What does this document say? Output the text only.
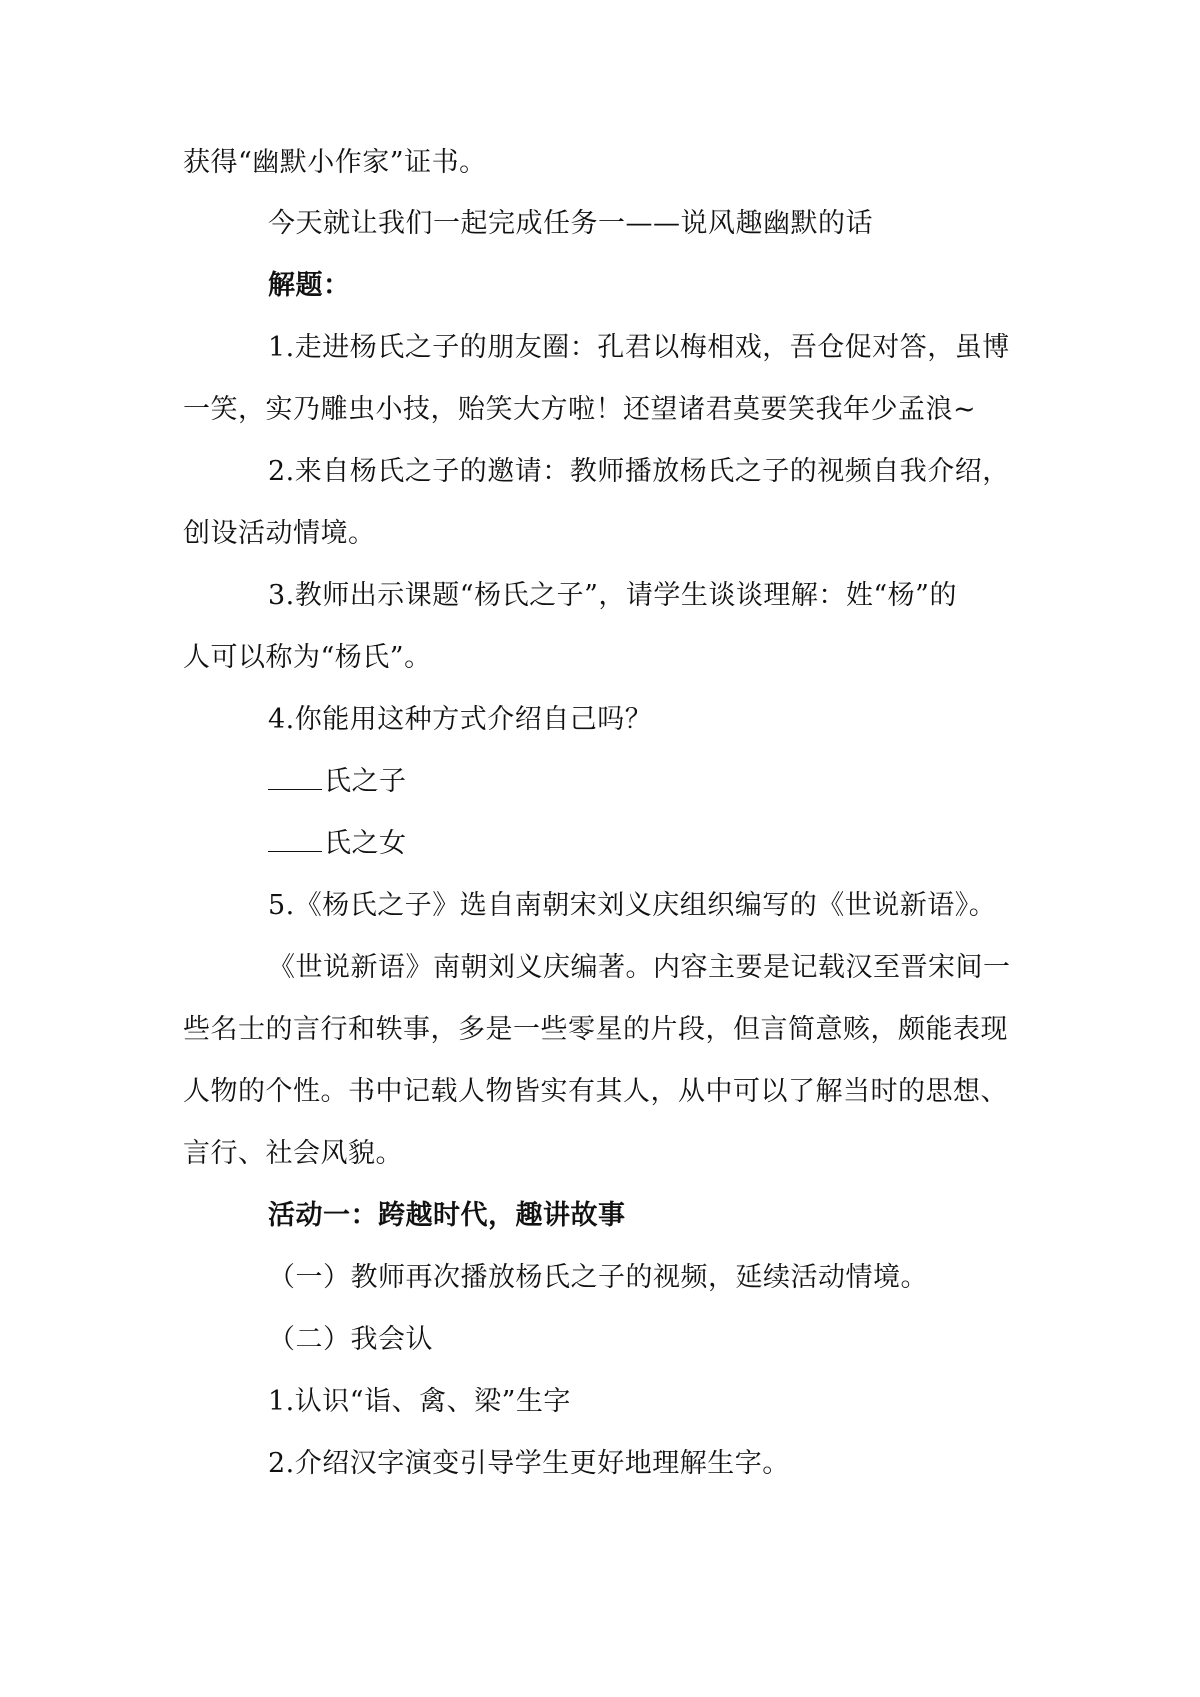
获得“幽默小作家”证书。
今天就让我们一起完成任务一——说风趣幽默的话
解题：
1.走进杨氏之子的朋友圈：孔君以梅相戏，吾仓促对答，虽博
一笑，实乃雕虫小技，贻笑大方啦！还望诸君莫要笑我年少孟浪~
2.来自杨氏之子的邀请：教师播放杨氏之子的视频自我介绍，
创设活动情境。
3.教师出示课题“杨氏之子”，请学生谈谈理解：姓“杨”的
人可以称为“杨氏”。
4.你能用这种方式介绍自己吗？
氏之子
氏之女
5.《杨氏之子》选自南朝宋刘义庆组织编写的《世说新语》。
《世说新语》南朝刘义庆编著。内容主要是记载汉至晋宋间一
些名士的言行和轶事，多是一些零星的片段，但言简意赅，颇能表现
人物的个性。书中记载人物皆实有其人，从中可以了解当时的思想、
言行、社会风貌。
活动一：跨越时代，趣讲故事
（一）教师再次播放杨氏之子的视频，延续活动情境。
（二）我会认
1.认识“诣、禽、梁”生字
2.介绍汉字演变引导学生更好地理解生字。
